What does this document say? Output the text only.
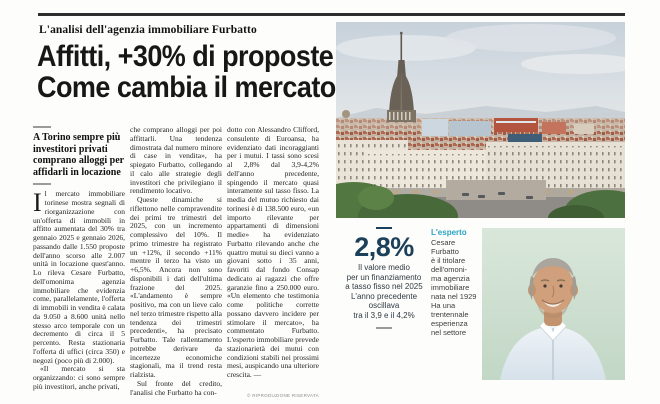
L'analisi dell'agenzia immobiliare Furbatto
Affitti, +30% di proposte
Come cambia il mercato
A Torino sempre più investitori privati comprano alloggi per affidarli in locazione

Il mercato immobiliare torinese mostra segnali di riorganizzazione con un'offerta di immobili in affitto aumentata del 30% tra gennaio 2025 e gennaio 2026, passando dalle 1.550 proposte dell'anno scorso alle 2.007 unità in locazione quest'anno. Lo rileva Cesare Furbatto, dell'omonima agenzia immobiliare che evidenzia come, parallelamente, l'offerta di immobili in vendita è calata da 9.050 a 8.600 unità nello stesso arco temporale con un decremento di circa il 5 percento. Resta stazionaria l'offerta di uffici (circa 350) e negozi (poco più di 2.000).

«Il mercato si sta organizzando: ci sono sempre più investitori, anche privati,

che comprano alloggi per poi affittarli. Una tendenza dimostrata dal numero minore di case in vendita», ha spiegato Furbatto, collegando il calo alle strategie degli investitori che privilegiano il rendimento locativo.

Queste dinamiche si riflettono nelle compravendite dei primi tre trimestri del 2025, con un incremento complessivo del 10%. Il primo trimestre ha registrato un +12%, il secondo +11% mentre il terzo ha visto un +6,5%. Ancora non sono disponibili i dati dell'ultima frazione del 2025. «L'andamento è sempre positivo, ma con un lieve calo nel terzo trimestre rispetto alla tendenza dei trimestri precedenti», ha precisato Furbatto. Tale rallentamento potrebbe derivare da incertezze economiche stagionali, ma il trend resta rialzista.

Sul fronte del credito, l'analisi che Furbatto ha con-

dotto con Alessandro Clifford, consulente di Euroansa, ha evidenziato dati incoraggianti per i mutui. I tassi sono scesi al 2,8% dal 3,9-4,2% dell'anno precedente, spingendo il mercato quasi interamente sul tasso fisso. La media del mutuo richiesto dai torinesi è di 138.500 euro, «un importo rilevante per appartamenti di dimensioni medie» ha evidenziato Furbatto rilevando anche che quattro mutui su dieci vanno a giovani sotto i 35 anni, favoriti dal fondo Consap dedicato ai ragazzi che offre garanzie fino a 250.000 euro. «Un elemento che testimonia come politiche corrette possano davvero incidere per stimolare il mercato», ha commentato Furbatto. L'esperto immobiliare prevede stazionarietà dei mutui con condizioni stabili nei prossimi mesi, auspicando una ulteriore crescita. —

© RIPRODUZIONE RISERVATA
2,8%
Il valore medio
per un finanziamento
a tasso fisso nel 2025
L'anno precedente
oscillava
tra il 3,9 e il 4,2%
L'esperto
Cesare
Furbatto
è il titolare
dell'omoni-
ma agenzia
immobiliare
nata nel 1929
Ha una
trentennale
esperienza
nel settore
